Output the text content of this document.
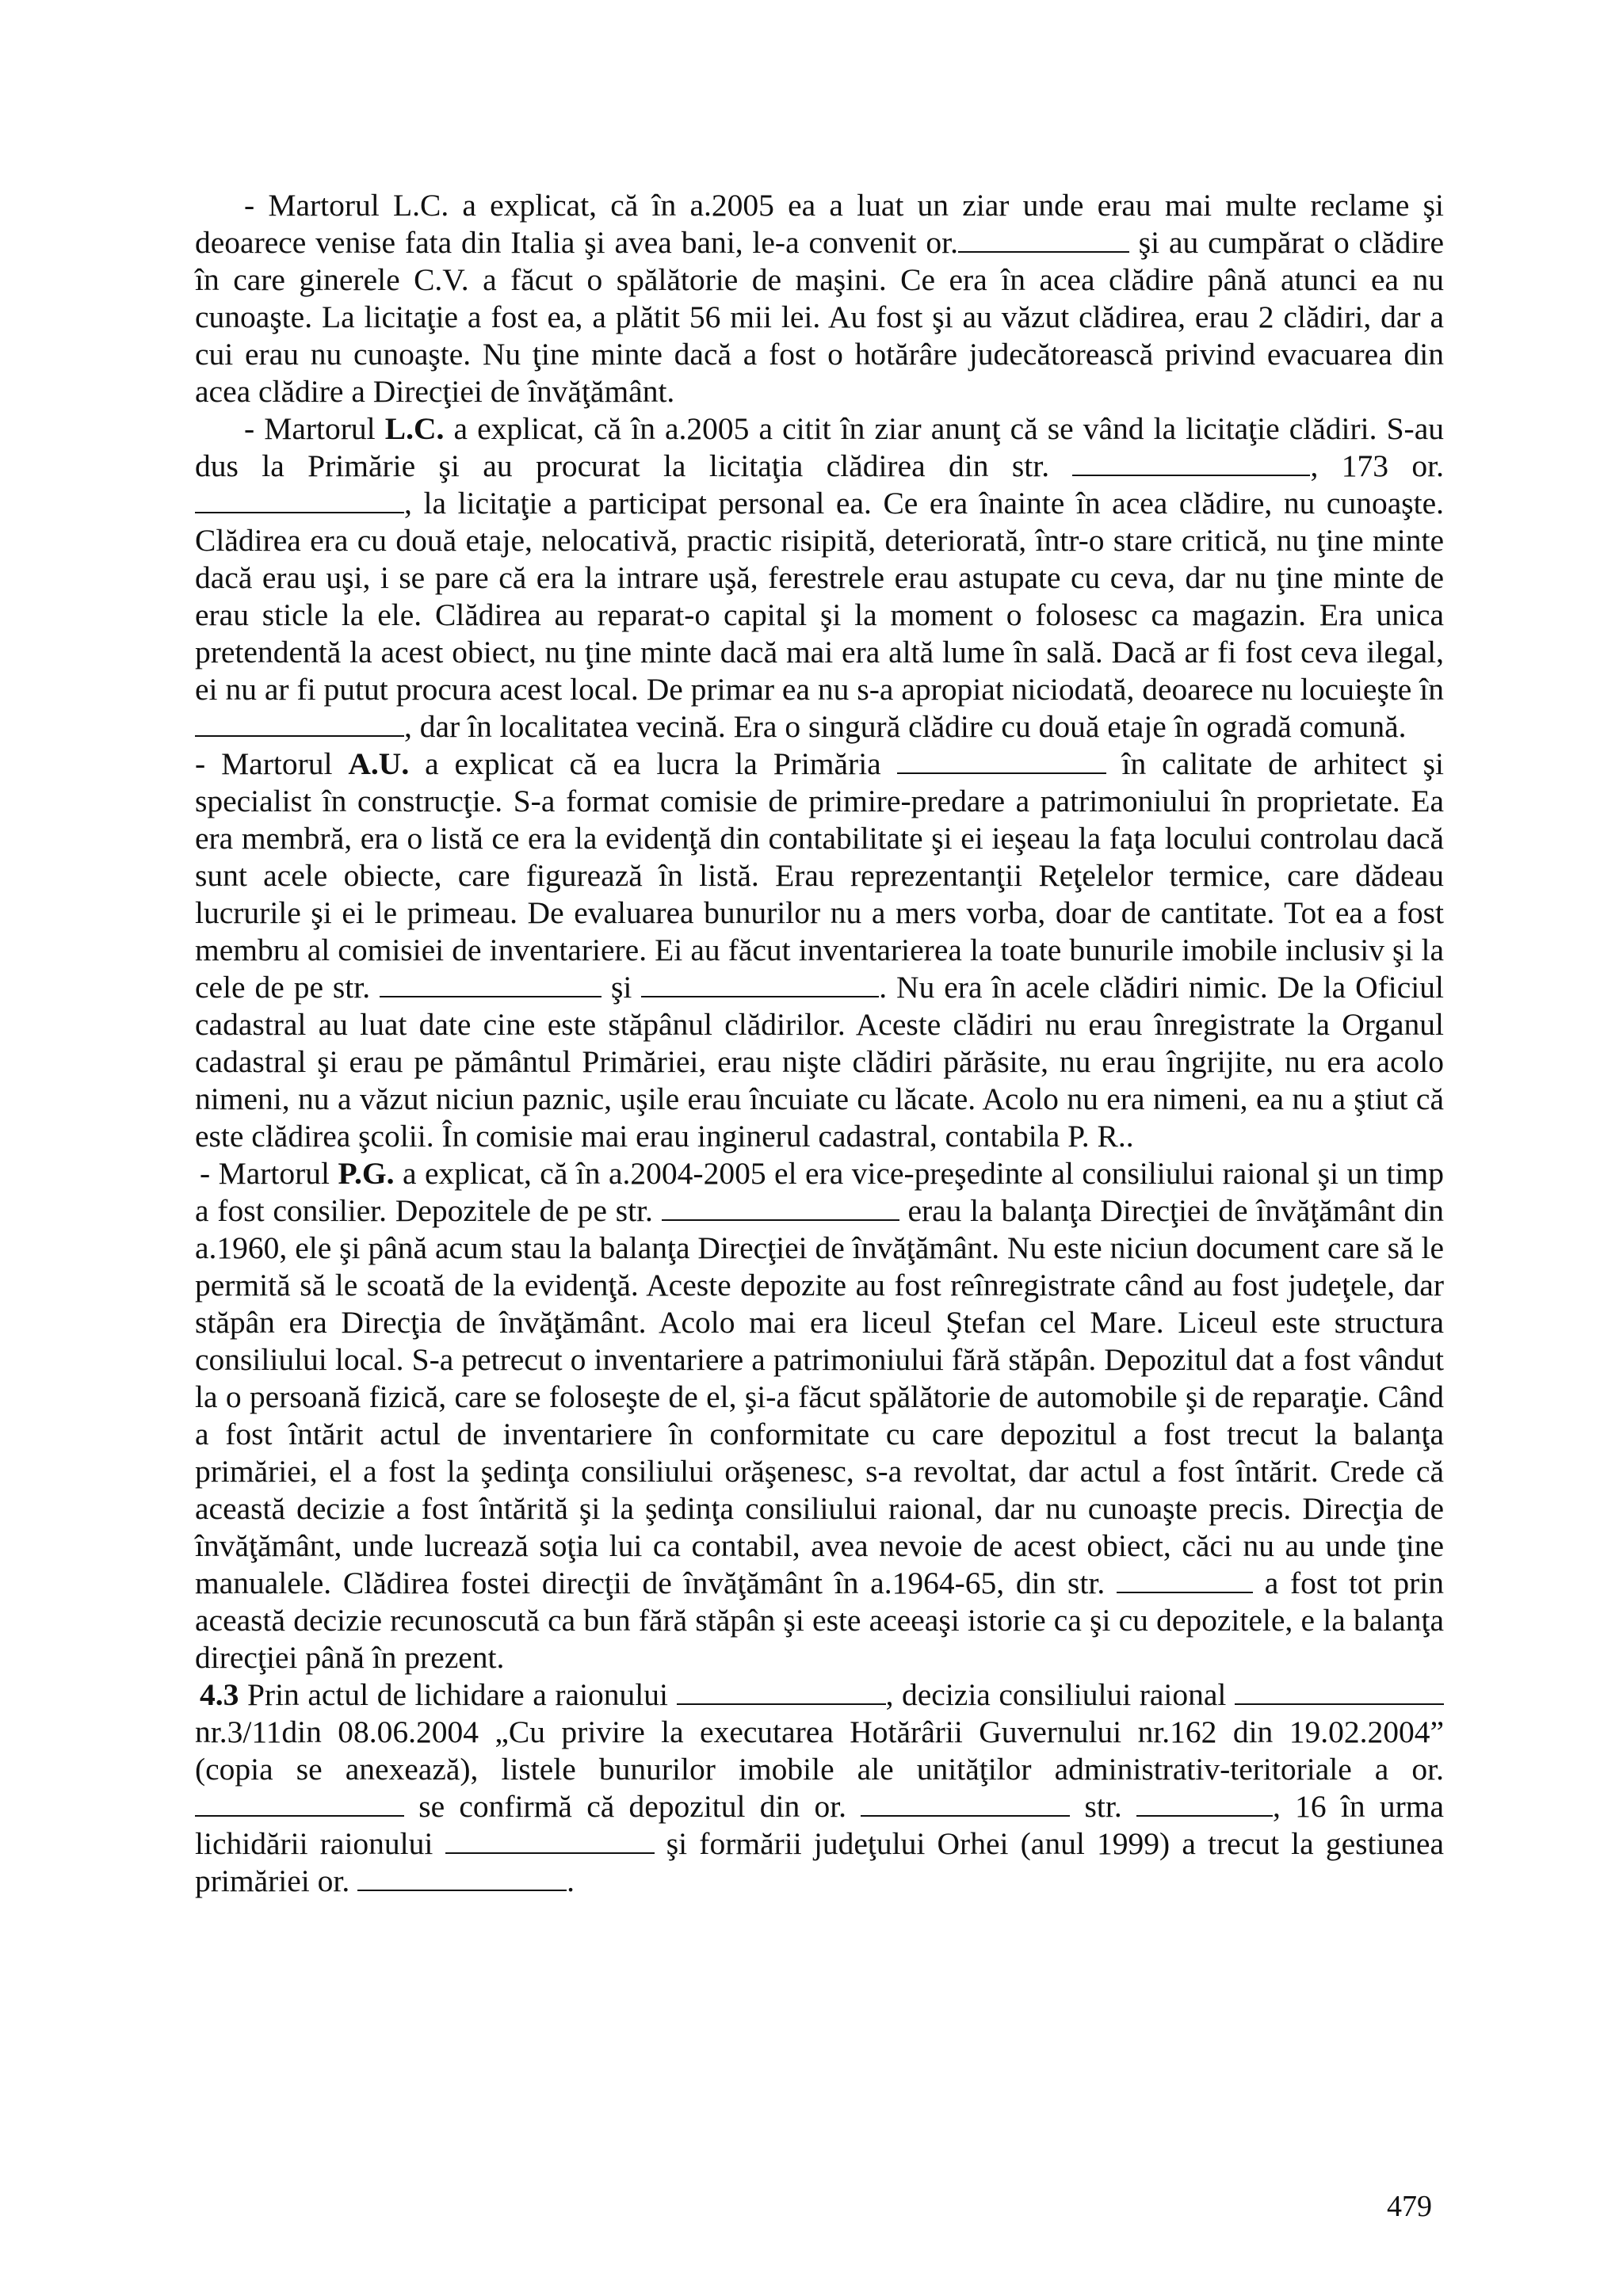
- Martorul L.C. a explicat, că în a.2005 ea a luat un ziar unde erau mai multe reclame şi deoarece venise fata din Italia şi avea bani, le-a convenit or.	şi au cumpărat o clădire în care ginerele C.V. a făcut o spălătorie de maşini. Ce era în acea clădire până atunci ea nu cunoaşte. La licitaţie a fost ea, a plătit 56 mii lei. Au fost şi au văzut clădirea, erau 2 clădiri, dar a cui erau nu cunoaşte. Nu ţine minte dacă a fost o hotărâre judecătorească privind evacuarea din acea clădire a Direcţiei de învăţământ.

- Martorul L.C. a explicat, că în a.2005 a citit în ziar anunţ că se vând la licitaţie clădiri. S-au dus la Primărie şi au procurat la licitaţia clădirea din str.	, 173 or. , la licitaţie a participat personal ea. Ce era înainte în acea clădire, nu cunoaşte. Clădirea era cu două etaje, nelocativă, practic risipită, deteriorată, într-o stare critică, nu ţine minte dacă erau uşi, i se pare că era la intrare uşă, ferestrele erau astupate cu ceva, dar nu ţine minte de erau sticle la ele. Clădirea au reparat-o capital şi la moment o folosesc ca magazin. Era unica pretendentă la acest obiect, nu ţine minte dacă mai era altă lume în sală. Dacă ar fi fost ceva ilegal, ei nu ar fi putut procura acest local. De primar ea nu s-a apropiat niciodată, deoarece nu locuieşte în , dar în localitatea vecină. Era o singură clădire cu două etaje în ogradă comună.

- Martorul A.U. a explicat că ea lucra la Primăria	în calitate de arhitect şi specialist în construcţie. S-a format comisie de primire-predare a patrimoniului în proprietate. Ea era membră, era o listă ce era la evidenţă din contabilitate şi ei ieşeau la faţa locului controlau dacă sunt acele obiecte, care figurează în listă. Erau reprezentanţii Reţelelor termice, care dădeau lucrurile şi ei le primeau. De evaluarea bunurilor nu a mers vorba, doar de cantitate. Tot ea a fost membru al comisiei de inventariere. Ei au făcut inventarierea la toate bunurile imobile inclusiv şi la cele de pe str.	şi	. Nu era în acele clădiri nimic. De la Oficiul cadastral au luat date cine este stăpânul clădirilor. Aceste clădiri nu erau înregistrate la Organul cadastral şi erau pe pământul Primăriei, erau nişte clădiri părăsite, nu erau îngrijite, nu era acolo nimeni, nu a văzut niciun paznic, uşile erau încuiate cu lăcate. Acolo nu era nimeni, ea nu a ştiut că este clădirea şcolii. În comisie mai erau inginerul cadastral, contabila P. R..

- Martorul P.G. a explicat, că în a.2004-2005 el era vice-preşedinte al consiliului raional şi un timp a fost consilier. Depozitele de pe str.	erau la balanţa Direcţiei de învăţământ din a.1960, ele şi până acum stau la balanţa Direcţiei de învăţământ. Nu este niciun document care să le permită să le scoată de la evidenţă. Aceste depozite au fost reînregistrate când au fost judeţele, dar stăpân era Direcţia de învăţământ. Acolo mai era liceul Ştefan cel Mare. Liceul este structura consiliului local. S-a petrecut o inventariere a patrimoniului fără stăpân. Depozitul dat a fost vândut la o persoană fizică, care se foloseşte de el, şi-a făcut spălătorie de automobile şi de reparaţie. Când a fost întărit actul de inventariere în conformitate cu care depozitul a fost trecut la balanţa primăriei, el a fost la şedinţa consiliului orăşenesc, s-a revoltat, dar actul a fost întărit. Crede că această decizie a fost întărită şi la şedinţa consiliului raional, dar nu cunoaşte precis. Direcţia de învăţământ, unde lucrează soţia lui ca contabil, avea nevoie de acest obiect, căci nu au unde ţine manualele. Clădirea fostei direcţii de învăţământ în a.1964-65, din str.	a fost tot prin această decizie recunoscută ca bun fără stăpân şi este aceeaşi istorie ca şi cu depozitele, e la balanţa direcţiei până în prezent.

4.3 Prin actul de lichidare a raionului	, decizia consiliului raional  nr.3/11din 08.06.2004 „Cu privire la executarea Hotărârii Guvernului nr.162 din 19.02.2004” (copia se anexează), listele bunurilor imobile ale unităţilor administrativ-teritoriale a or.  se confirmă că depozitul din or.	str.	, 16 în urma lichidării raionului	şi formării judeţului Orhei (anul 1999) a trecut la gestiunea primăriei or.	.

479
